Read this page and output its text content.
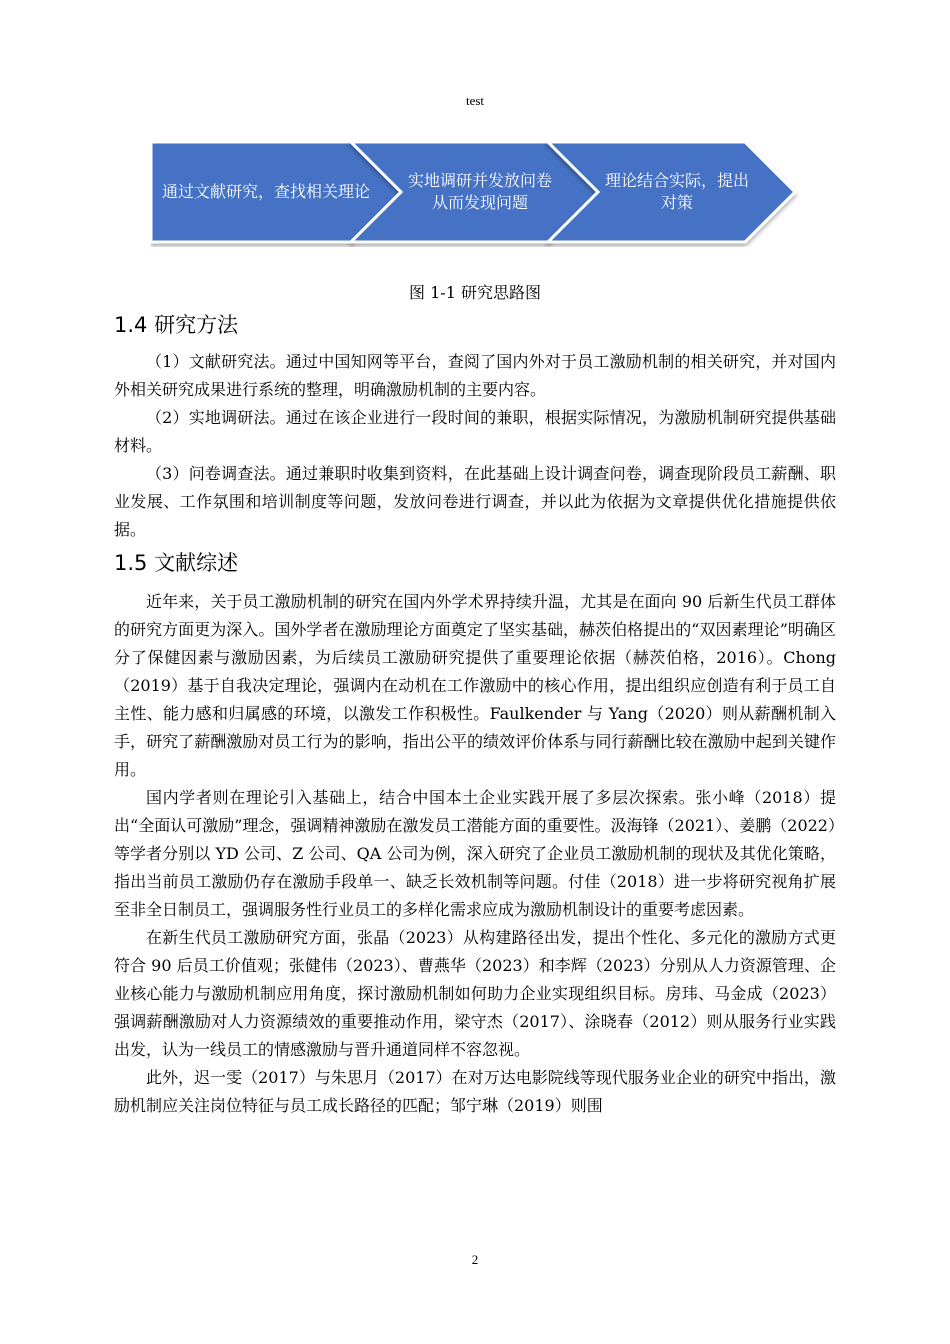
test
通过文献研究，查找相关理论
实地调研并发放问卷从而发现问题
理论结合实际，提出对策
图 1-1 研究思路图
1.4 研究方法

（1）文献研究法。通过中国知网等平台，查阅了国内外对于员工激励机制的相关研究，并对国内外相关研究成果进行系统的整理，明确激励机制的主要内容。

（2）实地调研法。通过在该企业进行一段时间的兼职，根据实际情况，为激励机制研究提供基础材料。

（3）问卷调查法。通过兼职时收集到资料，在此基础上设计调查问卷，调查现阶段员工薪酬、职业发展、工作氛围和培训制度等问题，发放问卷进行调查，并以此为依据为文章提供优化措施提供依据。

1.5 文献综述

近年来，关于员工激励机制的研究在国内外学术界持续升温，尤其是在面向 90 后新生代员工群体的研究方面更为深入。国外学者在激励理论方面奠定了坚实基础，赫茨伯格提出的“双因素理论”明确区分了保健因素与激励因素，为后续员工激励研究提供了重要理论依据（赫茨伯格，2016）。Chong（2019）基于自我决定理论，强调内在动机在工作激励中的核心作用，提出组织应创造有利于员工自主性、能力感和归属感的环境，以激发工作积极性。Faulkender 与 Yang（2020）则从薪酬机制入手，研究了薪酬激励对员工行为的影响，指出公平的绩效评价体系与同行薪酬比较在激励中起到关键作用。

国内学者则在理论引入基础上，结合中国本土企业实践开展了多层次探索。张小峰（2018）提出“全面认可激励”理念，强调精神激励在激发员工潜能方面的重要性。汲海锋（2021）、姜鹏（2022）等学者分别以 YD 公司、Z 公司、QA 公司为例，深入研究了企业员工激励机制的现状及其优化策略，指出当前员工激励仍存在激励手段单一、缺乏长效机制等问题。付佳（2018）进一步将研究视角扩展至非全日制员工，强调服务性行业员工的多样化需求应成为激励机制设计的重要考虑因素。

在新生代员工激励研究方面，张晶（2023）从构建路径出发，提出个性化、多元化的激励方式更符合 90 后员工价值观；张健伟（2023）、曹燕华（2023）和李辉（2023）分别从人力资源管理、企业核心能力与激励机制应用角度，探讨激励机制如何助力企业实现组织目标。房玮、马金成（2023）强调薪酬激励对人力资源绩效的重要推动作用，梁守杰（2017）、涂晓春（2012）则从服务行业实践出发，认为一线员工的情感激励与晋升通道同样不容忽视。

此外，迟一雯（2017）与朱思月（2017）在对万达电影院线等现代服务业企业的研究中指出，激励机制应关注岗位特征与员工成长路径的匹配；邹宁琳（2019）则围

2
